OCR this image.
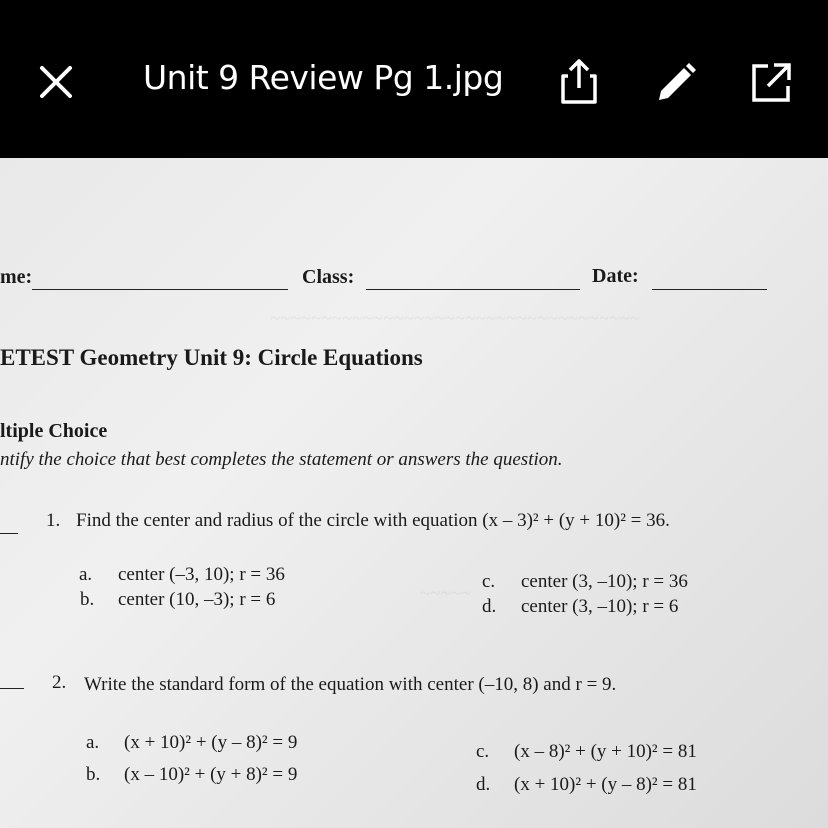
Unit 9 Review Pg 1.jpg
~~~~~~~~~~~~~~~~~~~~~~~~~~~~~~~~~~~~
~~~~~
me:	Class:	Date:
ETEST Geometry Unit 9: Circle Equations
ltiple Choice
ntify the choice that best completes the statement or answers the question.
1. Find the center and radius of the circle with equation (x – 3)² + (y + 10)² = 36.
a. center (–3, 10); r = 36
b. center (10, –3); r = 6
c. center (3, –10); r = 36
d. center (3, –10); r = 6
2. Write the standard form of the equation with center (–10, 8) and r = 9.
a. (x + 10)² + (y – 8)² = 9
b. (x – 10)² + (y + 8)² = 9
c. (x – 8)² + (y + 10)² = 81
d. (x + 10)² + (y – 8)² = 81
